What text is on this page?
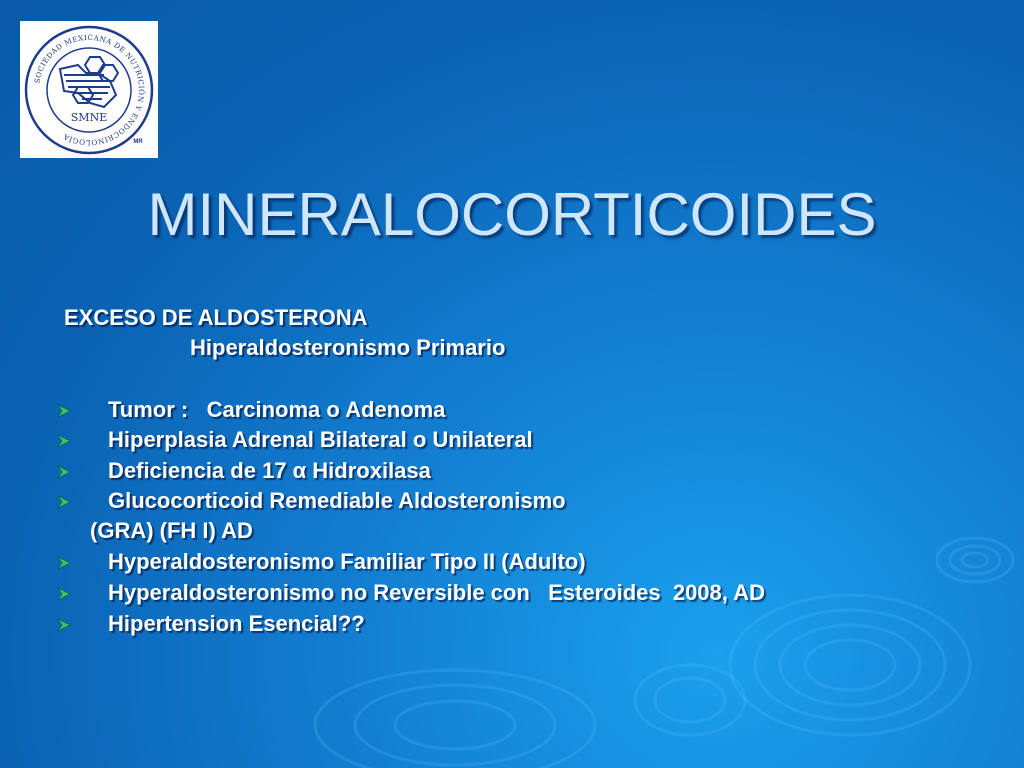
SOCIEDAD MEXICANA DE NUTRICIÓN Y ENDOCRINOLOGÍA
SMNE
MR
MINERALOCORTICOIDES
EXCESO DE ALDOSTERONA
Hiperaldosteronismo Primario
Tumor :   Carcinoma o Adenoma
Hiperplasia Adrenal Bilateral o Unilateral
Deficiencia de 17 α Hidroxilasa
Glucocorticoid Remediable Aldosteronismo
(GRA) (FH I) AD
Hyperaldosteronismo Familiar Tipo II (Adulto)
Hyperaldosteronismo no Reversible con   Esteroides  2008, AD
Hipertension Esencial??
